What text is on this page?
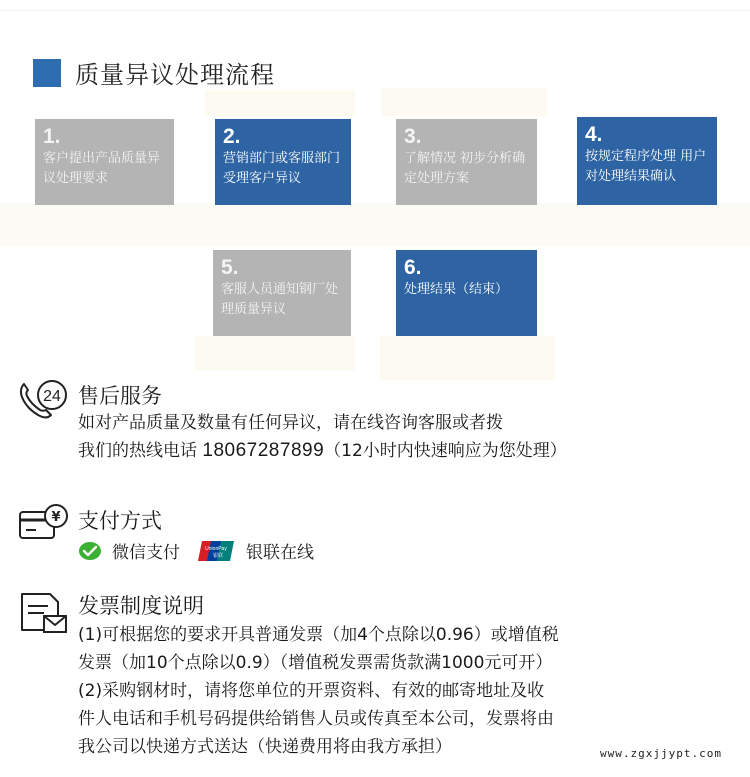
质量异议处理流程
1.
客户提出产品质量异议处理要求
2.
营销部门或客服部门受理客户异议
3.
了解情况 初步分析确定处理方案
4.
按规定程序处理 用户对处理结果确认
5.
客服人员通知钢厂处理质量异议
6.
处理结果（结束）
24 售后服务
如对产品质量及数量有任何异议，请在线咨询客服或者拨
我们的热线电话 18067287899（12小时内快速响应为您处理）
¥ 支付方式
微信支付	UnionPay
银联 银联在线
发票制度说明
(1)可根据您的要求开具普通发票（加4个点除以0.96）或增值税
发票（加10个点除以0.9）（增值税发票需货款满1000元可开）
(2)采购钢材时，请将您单位的开票资料、有效的邮寄地址及收
件人电话和手机号码提供给销售人员或传真至本公司，发票将由
我公司以快递方式送达（快递费用将由我方承担）	www.zgxjjypt.com
